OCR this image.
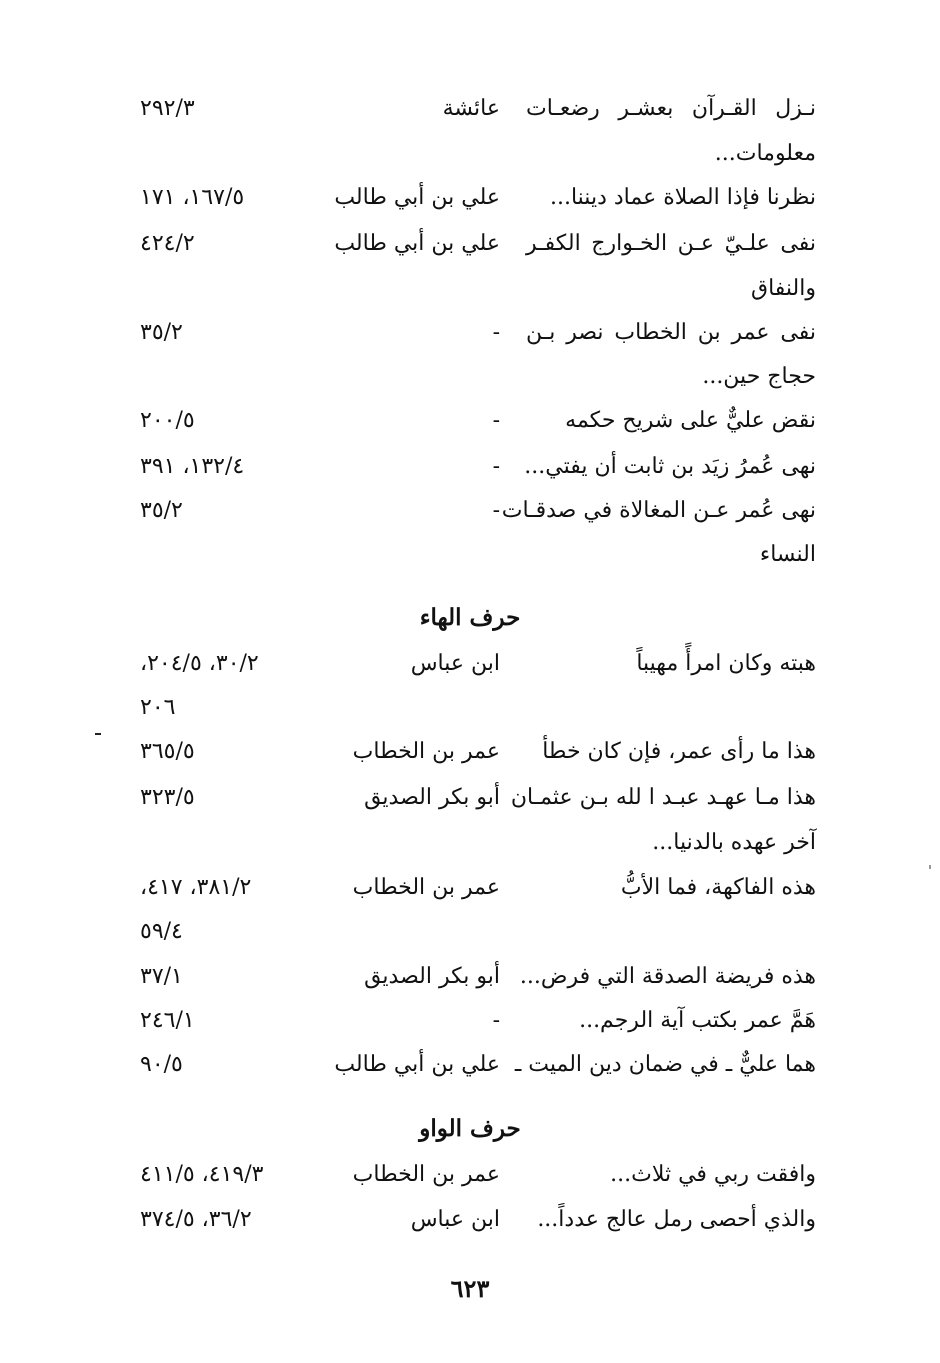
نـزل القـرآن بعشـر رضعـات
عائشة
٢٩٢/٣
معلومات...
نظرنا فإذا الصلاة عماد ديننا...
علي بن أبي طالب
١٦٧/٥، ١٧١
نفى علـيّ عـن الخـوارج الكفـر
علي بن أبي طالب
٤٢٤/٢
والنفاق
نفى عمر بن الخطاب نصر بـن
-
٣٥/٢
حجاج حين...
نقض عليٌّ على شريح حكمه
-
٢٠٠/٥
نهى عُمرُ زيَد بن ثابت أن يفتي...
-
١٣٢/٤، ٣٩١
نهى عُمر عـن المغالاة في صدقـات
-
٣٥/٢
النساء
حرف الهاء
هبته وكان امرأً مهيباً
ابن عباس
٣٠/٢، ٢٠٤/٥،
٢٠٦
هذا ما رأى عمر، فإن كان خطأ
عمر بن الخطاب
٣٦٥/٥
هذا مـا عهـد عبـد ا لله بـن عثمـان
أبو بكر الصديق
٣٢٣/٥
آخر عهده بالدنيا...
هذه الفاكهة، فما الأبُّ
عمر بن الخطاب
٣٨١/٢، ٤١٧،
٥٩/٤
هذه فريضة الصدقة التي فرض...
أبو بكر الصديق
٣٧/١
هَمَّ عمر بكتب آية الرجم...
-
٢٤٦/١
هما عليٌّ ـ في ضمان دين الميت ـ
علي بن أبي طالب
٩٠/٥
حرف الواو
وافقت ربي في ثلاث...
عمر بن الخطاب
٤١٩/٣، ٤١١/٥
والذي أحصى رمل عالج عدداً...
ابن عباس
٣٦/٢، ٣٧٤/٥
٦٢٣
